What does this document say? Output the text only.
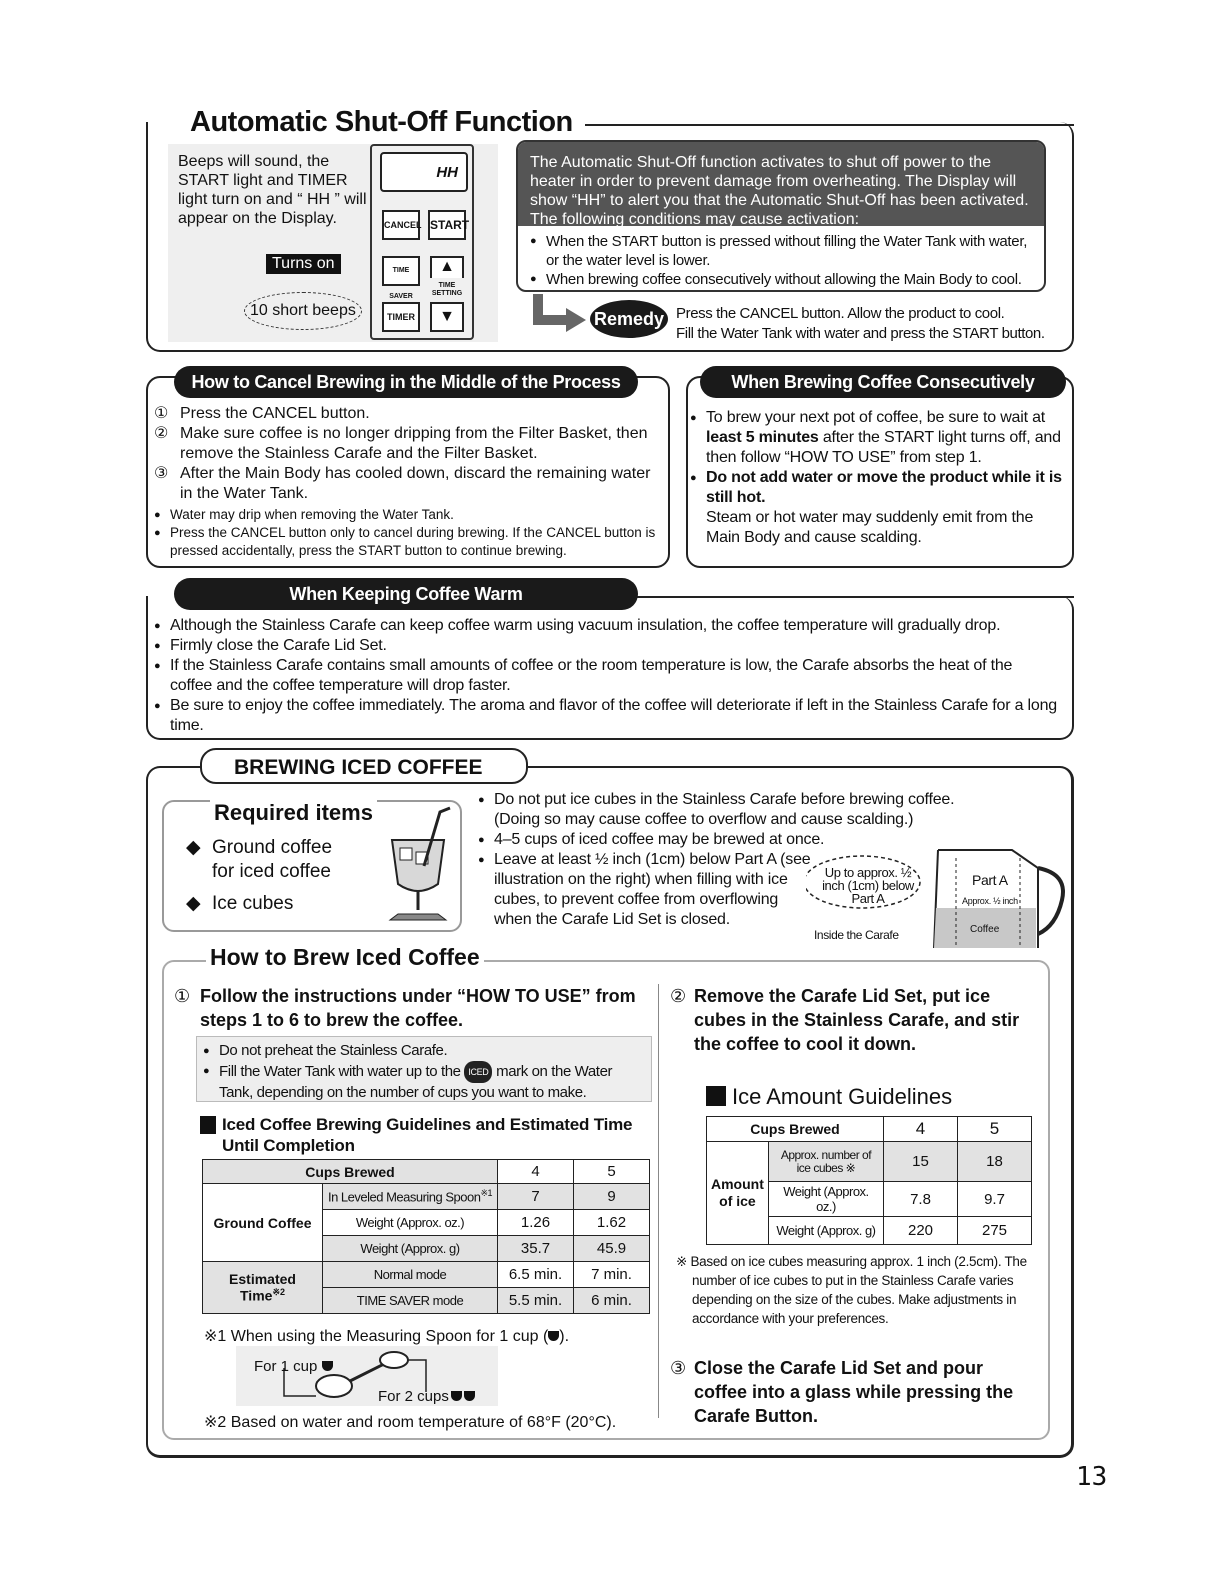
Automatic Shut-Off Function
Beeps will sound, the START light and TIMER light turn on and “ HH ” will appear on the Display.
HH
CANCEL START
TIME SAVER
▲
TIME SETTING
▼
TIMER
Turns on
10 short beeps
The Automatic Shut-Off function activates to shut off power to the heater in order to prevent damage from overheating. The Display will show “HH” to alert you that the Automatic Shut-Off has been activated.
The following conditions may cause activation:
● When the START button is pressed without filling the Water Tank with water, or the water level is lower.
● When brewing coffee consecutively without allowing the Main Body to cool.
Remedy Press the CANCEL button. Allow the product to cool.
Fill the Water Tank with water and press the START button.
How to Cancel Brewing in the Middle of the Process
① Press the CANCEL button.
② Make sure coffee is no longer dripping from the Filter Basket, then remove the Stainless Carafe and the Filter Basket.
③ After the Main Body has cooled down, discard the remaining water in the Water Tank.
● Water may drip when removing the Water Tank.
● Press the CANCEL button only to cancel during brewing. If the CANCEL button is pressed accidentally, press the START button to continue brewing.
When Brewing Coffee Consecutively
● To brew your next pot of coffee, be sure to wait at least 5 minutes after the START light turns off, and then follow “HOW TO USE” from step 1.
● Do not add water or move the product while it is still hot.
Steam or hot water may suddenly emit from the Main Body and cause scalding.
When Keeping Coffee Warm
● Although the Stainless Carafe can keep coffee warm using vacuum insulation, the coffee temperature will gradually drop.
● Firmly close the Carafe Lid Set.
● If the Stainless Carafe contains small amounts of coffee or the room temperature is low, the Carafe absorbs the heat of the coffee and the coffee temperature will drop faster.
● Be sure to enjoy the coffee immediately. The aroma and flavor of the coffee will deteriorate if left in the Stainless Carafe for a long time.
BREWING ICED COFFEE
Required items
◆ Ground coffee for iced coffee
◆ Ice cubes
● Do not put ice cubes in the Stainless Carafe before brewing coffee. (Doing so may cause coffee to overflow and cause scalding.)
● 4–5 cups of iced coffee may be brewed at once.
● Leave at least ½ inch (1cm) below Part A (see illustration on the right) when filling with ice cubes, to prevent coffee from overflowing when the Carafe Lid Set is closed.
Up to approx. ½ inch (1cm) below Part A
Part A
Approx. ½ inch
Coffee
Inside the Carafe
How to Brew Iced Coffee
① Follow the instructions under “HOW TO USE” from steps 1 to 6 to brew the coffee.
● Do not preheat the Stainless Carafe.
● Fill the Water Tank with water up to the ICED mark on the Water Tank, depending on the number of cups you want to make.
Iced Coffee Brewing Guidelines and Estimated Time Until Completion
Cups Brewed		4	5
Ground Coffee	In Leveled Measuring Spoon$^{※1}$	7	9
	Weight (Approx. oz.)	1.26	1.62
	Weight (Approx. g)	35.7	45.9
Estimated Time$^{※2}$	Normal mode	6.5 min.	7 min.
	TIME SAVER mode	5.5 min.	6 min.
※1 When using the Measuring Spoon for 1 cup ( ).
For 1 cup
For 2 cups
※2 Based on water and room temperature of 68°F (20°C).
② Remove the Carafe Lid Set, put ice cubes in the Stainless Carafe, and stir the coffee to cool it down.
Ice Amount Guidelines
Cups Brewed		4	5
Amount of ice	Approx. number of ice cubes ※	15	18
	Weight (Approx. oz.)	7.8	9.7
	Weight (Approx. g)	220	275
※ Based on ice cubes measuring approx. 1 inch (2.5cm). The number of ice cubes to put in the Stainless Carafe varies depending on the size of the cubes. Make adjustments in accordance with your preferences.
③ Close the Carafe Lid Set and pour coffee into a glass while pressing the Carafe Button.
13
